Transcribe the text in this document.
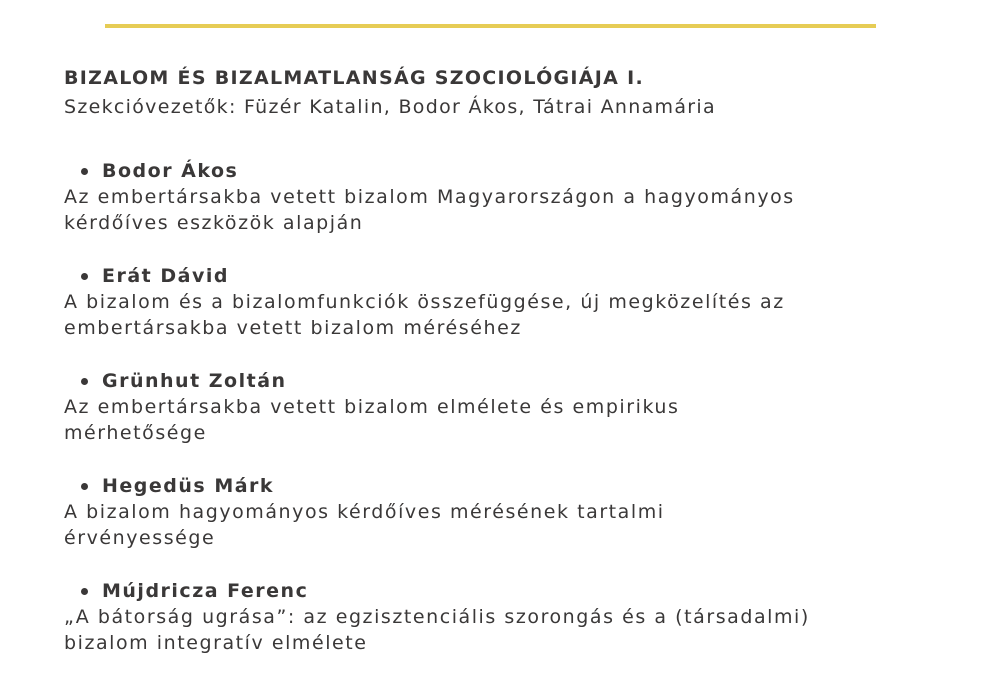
BIZALOM ÉS BIZALMATLANSÁG SZOCIOLÓGIÁJA I.

Szekcióvezetők: Füzér Katalin, Bodor Ákos, Tátrai Annamária

Bodor Ákos

Az embertársakba vetett bizalom Magyarországon a hagyományos

kérdőíves eszközök alapján

Erát Dávid

A bizalom és a bizalomfunkciók összefüggése, új megközelítés az

embertársakba vetett bizalom méréséhez

Grünhut Zoltán

Az embertársakba vetett bizalom elmélete és empirikus

mérhetősége

Hegedüs Márk

A bizalom hagyományos kérdőíves mérésének tartalmi

érvényessége

Mújdricza Ferenc

„A bátorság ugrása”: az egzisztenciális szorongás és a (társadalmi)

bizalom integratív elmélete
